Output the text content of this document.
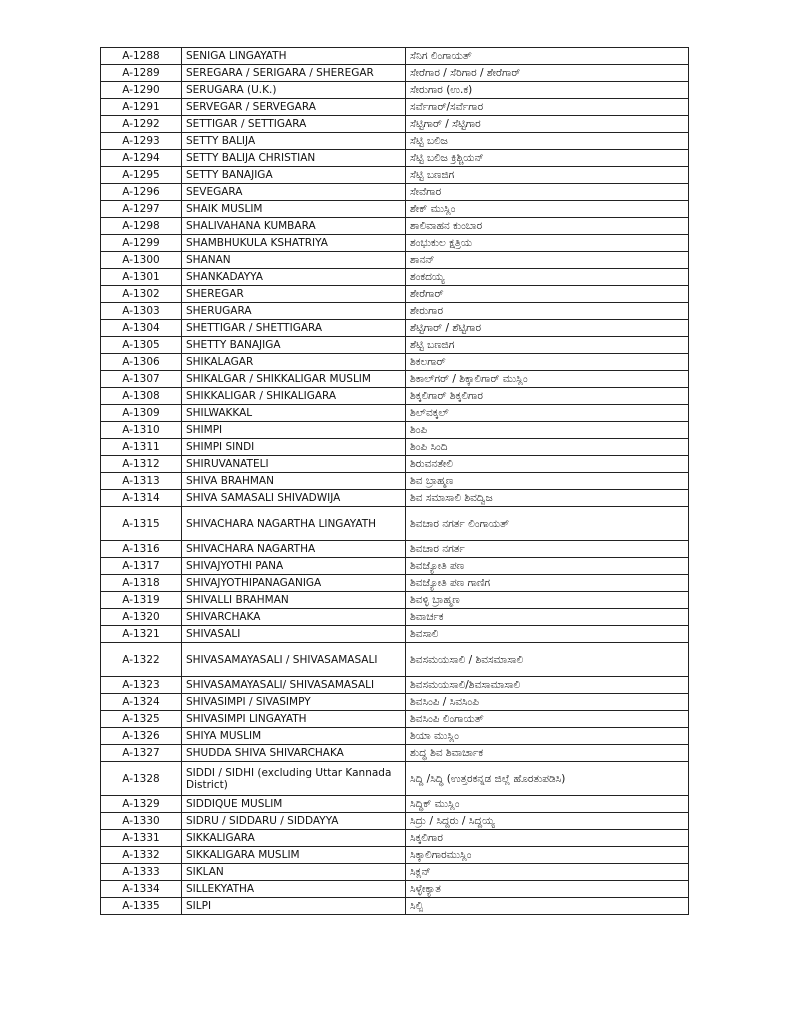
A-1288	SENIGA LINGAYATH	ಸೆನಿಗ ಲಿಂಗಾಯತ್
A-1289	SEREGARA / SERIGARA / SHEREGAR	ಸೇರೆಗಾರ / ಸೆರಿಗಾರ / ಶೇರೆಗಾರ್
A-1290	SERUGARA (U.K.)	ಸೇರುಗಾರ (ಉ.ಕ)
A-1291	SERVEGAR / SERVEGARA	ಸರ್ವೆಗಾರ್/ಸರ್ವೆಗಾರ
A-1292	SETTIGAR / SETTIGARA	ಸೆಟ್ಟಿಗಾರ್ / ಸೆಟ್ಟಿಗಾರ
A-1293	SETTY BALIJA	ಸೆಟ್ಟಿ ಬಲಿಜ
A-1294	SETTY BALIJA CHRISTIAN	ಸೆಟ್ಟಿ ಬಲಿಜ ಕ್ರಿಶ್ಚಿಯನ್
A-1295	SETTY BANAJIGA	ಸೆಟ್ಟಿ ಬಣಜಿಗ
A-1296	SEVEGARA	ಸೇವೆಗಾರ
A-1297	SHAIK MUSLIM	ಶೇಕ್ ಮುಸ್ಲಿಂ
A-1298	SHALIVAHANA KUMBARA	ಶಾಲಿವಾಹನ ಕುಂಬಾರ
A-1299	SHAMBHUKULA KSHATRIYA	ಶಂಭುಕುಲ ಕ್ಷತ್ರಿಯ
A-1300	SHANAN	ಶಾನನ್
A-1301	SHANKADAYYA	ಶಂಕದಯ್ಯ
A-1302	SHEREGAR	ಶೇರೆಗಾರ್
A-1303	SHERUGARA	ಶೇರುಗಾರ
A-1304	SHETTIGAR / SHETTIGARA	ಶೆಟ್ಟಿಗಾರ್ / ಶೆಟ್ಟಿಗಾರ
A-1305	SHETTY BANAJIGA	ಶೆಟ್ಟಿ ಬಣಜಿಗ
A-1306	SHIKALAGAR	ಶಿಕಲಗಾರ್
A-1307	SHIKALGAR / SHIKKALIGAR MUSLIM	ಶಿಕಾಲ್‌ಗರ್ / ಶಿಕ್ಕಾಲಿಗಾರ್ ಮುಸ್ಲಿಂ
A-1308	SHIKKALIGAR / SHIKALIGARA	ಶಿಕ್ಕಲಿಗಾರ್ ಶಿಕ್ಕಲಿಗಾರ
A-1309	SHILWAKKAL	ಶಿಲ್‌ವಕ್ಕಲ್
A-1310	SHIMPI	ಶಿಂಪಿ
A-1311	SHIMPI SINDI	ಶಿಂಪಿ ಸಿಂದಿ
A-1312	SHIRUVANATELI	ಶಿರುವನತೇಲಿ
A-1313	SHIVA BRAHMAN	ಶಿವ ಬ್ರಾಹ್ಮಣ
A-1314	SHIVA SAMASALI SHIVADWIJA	ಶಿವ ಸಮಾಸಾಲಿ ಶಿವದ್ವಿಜ
A-1315	SHIVACHARA NAGARTHA LINGAYATH	ಶಿವಚಾರ ನಗರ್ತ ಲಿಂಗಾಯತ್
A-1316	SHIVACHARA NAGARTHA	ಶಿವಚಾರ ನಗರ್ತ
A-1317	SHIVAJYOTHI PANA	ಶಿವಜ್ಯೋತಿ ಪಣ
A-1318	SHIVAJYOTHIPANAGANIGA	ಶಿವಜ್ಯೋತಿ ಪಣ ಗಾಣಿಗ
A-1319	SHIVALLI BRAHMAN	ಶಿವಳ್ಳಿ ಬ್ರಾಹ್ಮಣ
A-1320	SHIVARCHAKA	ಶಿವಾರ್ಚಕ
A-1321	SHIVASALI	ಶಿವಸಾಲಿ
A-1322	SHIVASAMAYASALI / SHIVASAMASALI	ಶಿವಸಮಯಸಾಲಿ / ಶಿವಸಮಾಸಾಲಿ
A-1323	SHIVASAMAYASALI/ SHIVASAMASALI	ಶಿವಸಮಯಸಾಲಿ/ಶಿವಸಾಮಾಸಾಲಿ
A-1324	SHIVASIMPI / SIVASIMPY	ಶಿವಸಿಂಪಿ / ಸಿವಸಿಂಪಿ
A-1325	SHIVASIMPI LINGAYATH	ಶಿವಸಿಂಪಿ ಲಿಂಗಾಯತ್
A-1326	SHIYA MUSLIM	ಶಿಯಾ ಮುಸ್ಲಿಂ
A-1327	SHUDDA SHIVA SHIVARCHAKA	ಶುದ್ಧ ಶಿವ ಶಿವಾರ್ಚಾಕ
A-1328	SIDDI / SIDHI (excluding Uttar Kannada District)	ಸಿದ್ದಿ /ಸಿದ್ಧಿ (ಉತ್ತರಕನ್ನಡ ಜಿಲ್ಲೆ ಹೊರತುಪಡಿಸಿ)
A-1329	SIDDIQUE MUSLIM	ಸಿದ್ಧಿಕ್ ಮುಸ್ಲಿಂ
A-1330	SIDRU / SIDDARU / SIDDAYYA	ಸಿದ್ರು / ಸಿದ್ದರು / ಸಿದ್ದಯ್ಯ
A-1331	SIKKALIGARA	ಸಿಕ್ಕಲಿಗಾರ
A-1332	SIKKALIGARA MUSLIM	ಸಿಕ್ಕಾಲಿಗಾರಮುಸ್ಲಿಂ
A-1333	SIKLAN	ಸಿಕ್ಲನ್
A-1334	SILLEKYATHA	ಸಿಳ್ಳೇಕ್ಯಾತ
A-1335	SILPI	ಸಿಲ್ಪಿ
